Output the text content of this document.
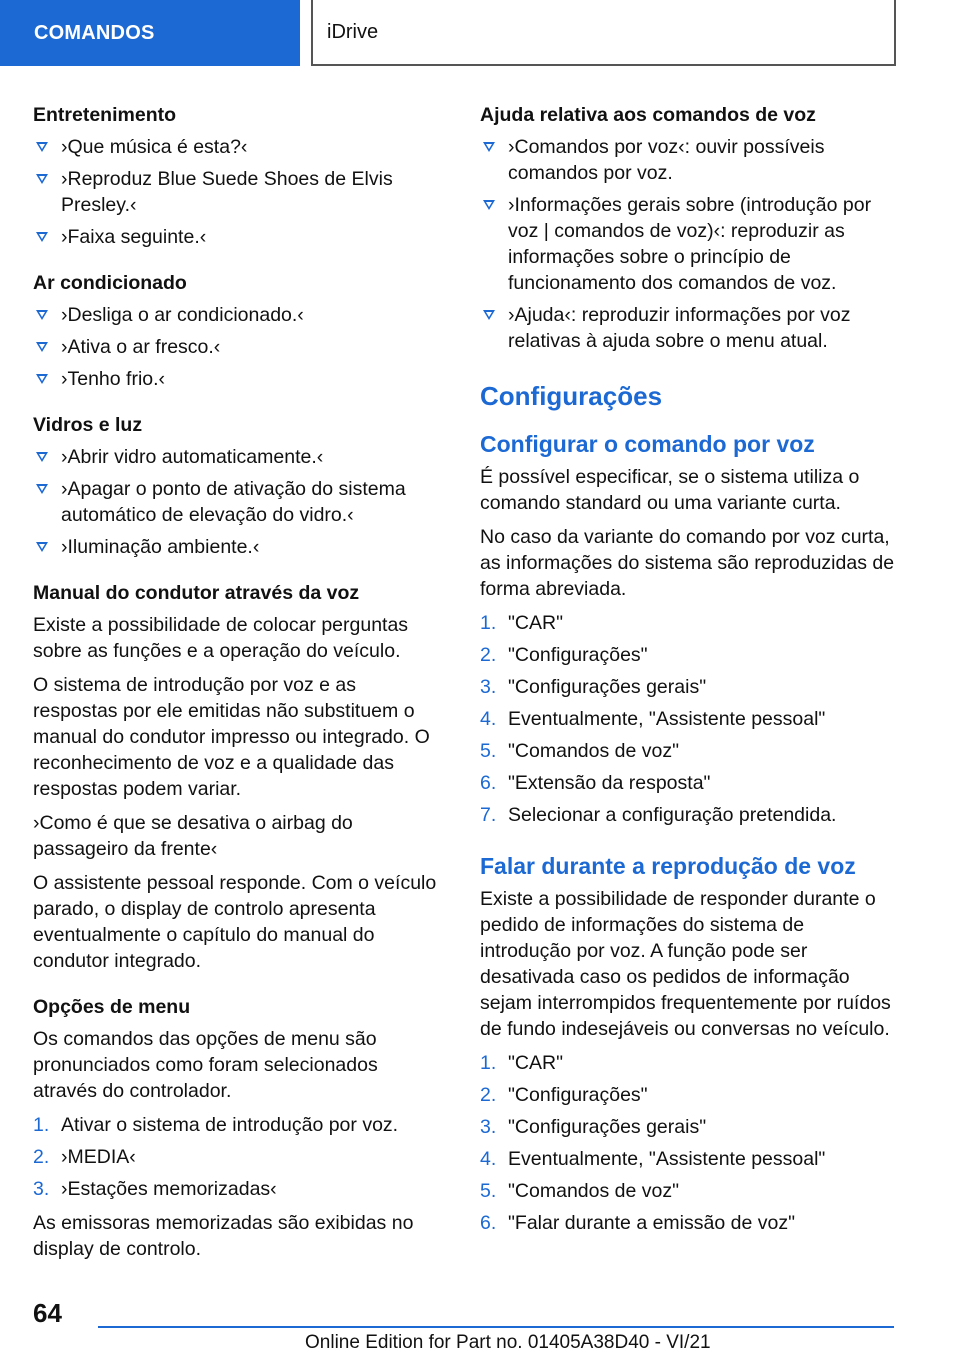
COMANDOS	iDrive
Entretenimento
›Que música é esta?‹
›Reproduz Blue Suede Shoes de Elvis Presley.‹
›Faixa seguinte.‹
Ar condicionado
›Desliga o ar condicionado.‹
›Ativa o ar fresco.‹
›Tenho frio.‹
Vidros e luz
›Abrir vidro automaticamente.‹
›Apagar o ponto de ativação do sistema automático de elevação do vidro.‹
›Iluminação ambiente.‹
Manual do condutor através da voz

Existe a possibilidade de colocar perguntas sobre as funções e a operação do veículo.

O sistema de introdução por voz e as respostas por ele emitidas não substituem o manual do condutor impresso ou integrado. O reconhecimento de voz e a qualidade das respostas podem variar.

›Como é que se desativa o airbag do passageiro da frente‹

O assistente pessoal responde. Com o veículo parado, o display de controlo apresenta eventualmente o capítulo do manual do condutor integrado.

Opções de menu

Os comandos das opções de menu são pronunciados como foram selecionados através do controlador.

1. Ativar o sistema de introdução por voz.
2. ›MEDIA‹
3. ›Estações memorizadas‹

As emissoras memorizadas são exibidas no display de controlo.

Ajuda relativa aos comandos de voz
›Comandos por voz‹: ouvir possíveis comandos por voz.
›Informações gerais sobre (introdução por voz | comandos de voz)‹: reproduzir as informações sobre o princípio de funcionamento dos comandos de voz.
›Ajuda‹: reproduzir informações por voz relativas à ajuda sobre o menu atual.
Configurações
Configurar o comando por voz

É possível especificar, se o sistema utiliza o comando standard ou uma variante curta.

No caso da variante do comando por voz curta, as informações do sistema são reproduzidas de forma abreviada.

1. "CAR"
2. "Configurações"
3. "Configurações gerais"
4. Eventualmente, "Assistente pessoal"
5. "Comandos de voz"
6. "Extensão da resposta"
7. Selecionar a configuração pretendida.
Falar durante a reprodução de voz

Existe a possibilidade de responder durante o pedido de informações do sistema de introdução por voz. A função pode ser desativada caso os pedidos de informação sejam interrompidos frequentemente por ruídos de fundo indesejáveis ou conversas no veículo.

1. "CAR"
2. "Configurações"
3. "Configurações gerais"
4. Eventualmente, "Assistente pessoal"
5. "Comandos de voz"
6. "Falar durante a emissão de voz"
64
Online Edition for Part no. 01405A38D40 - VI/21
